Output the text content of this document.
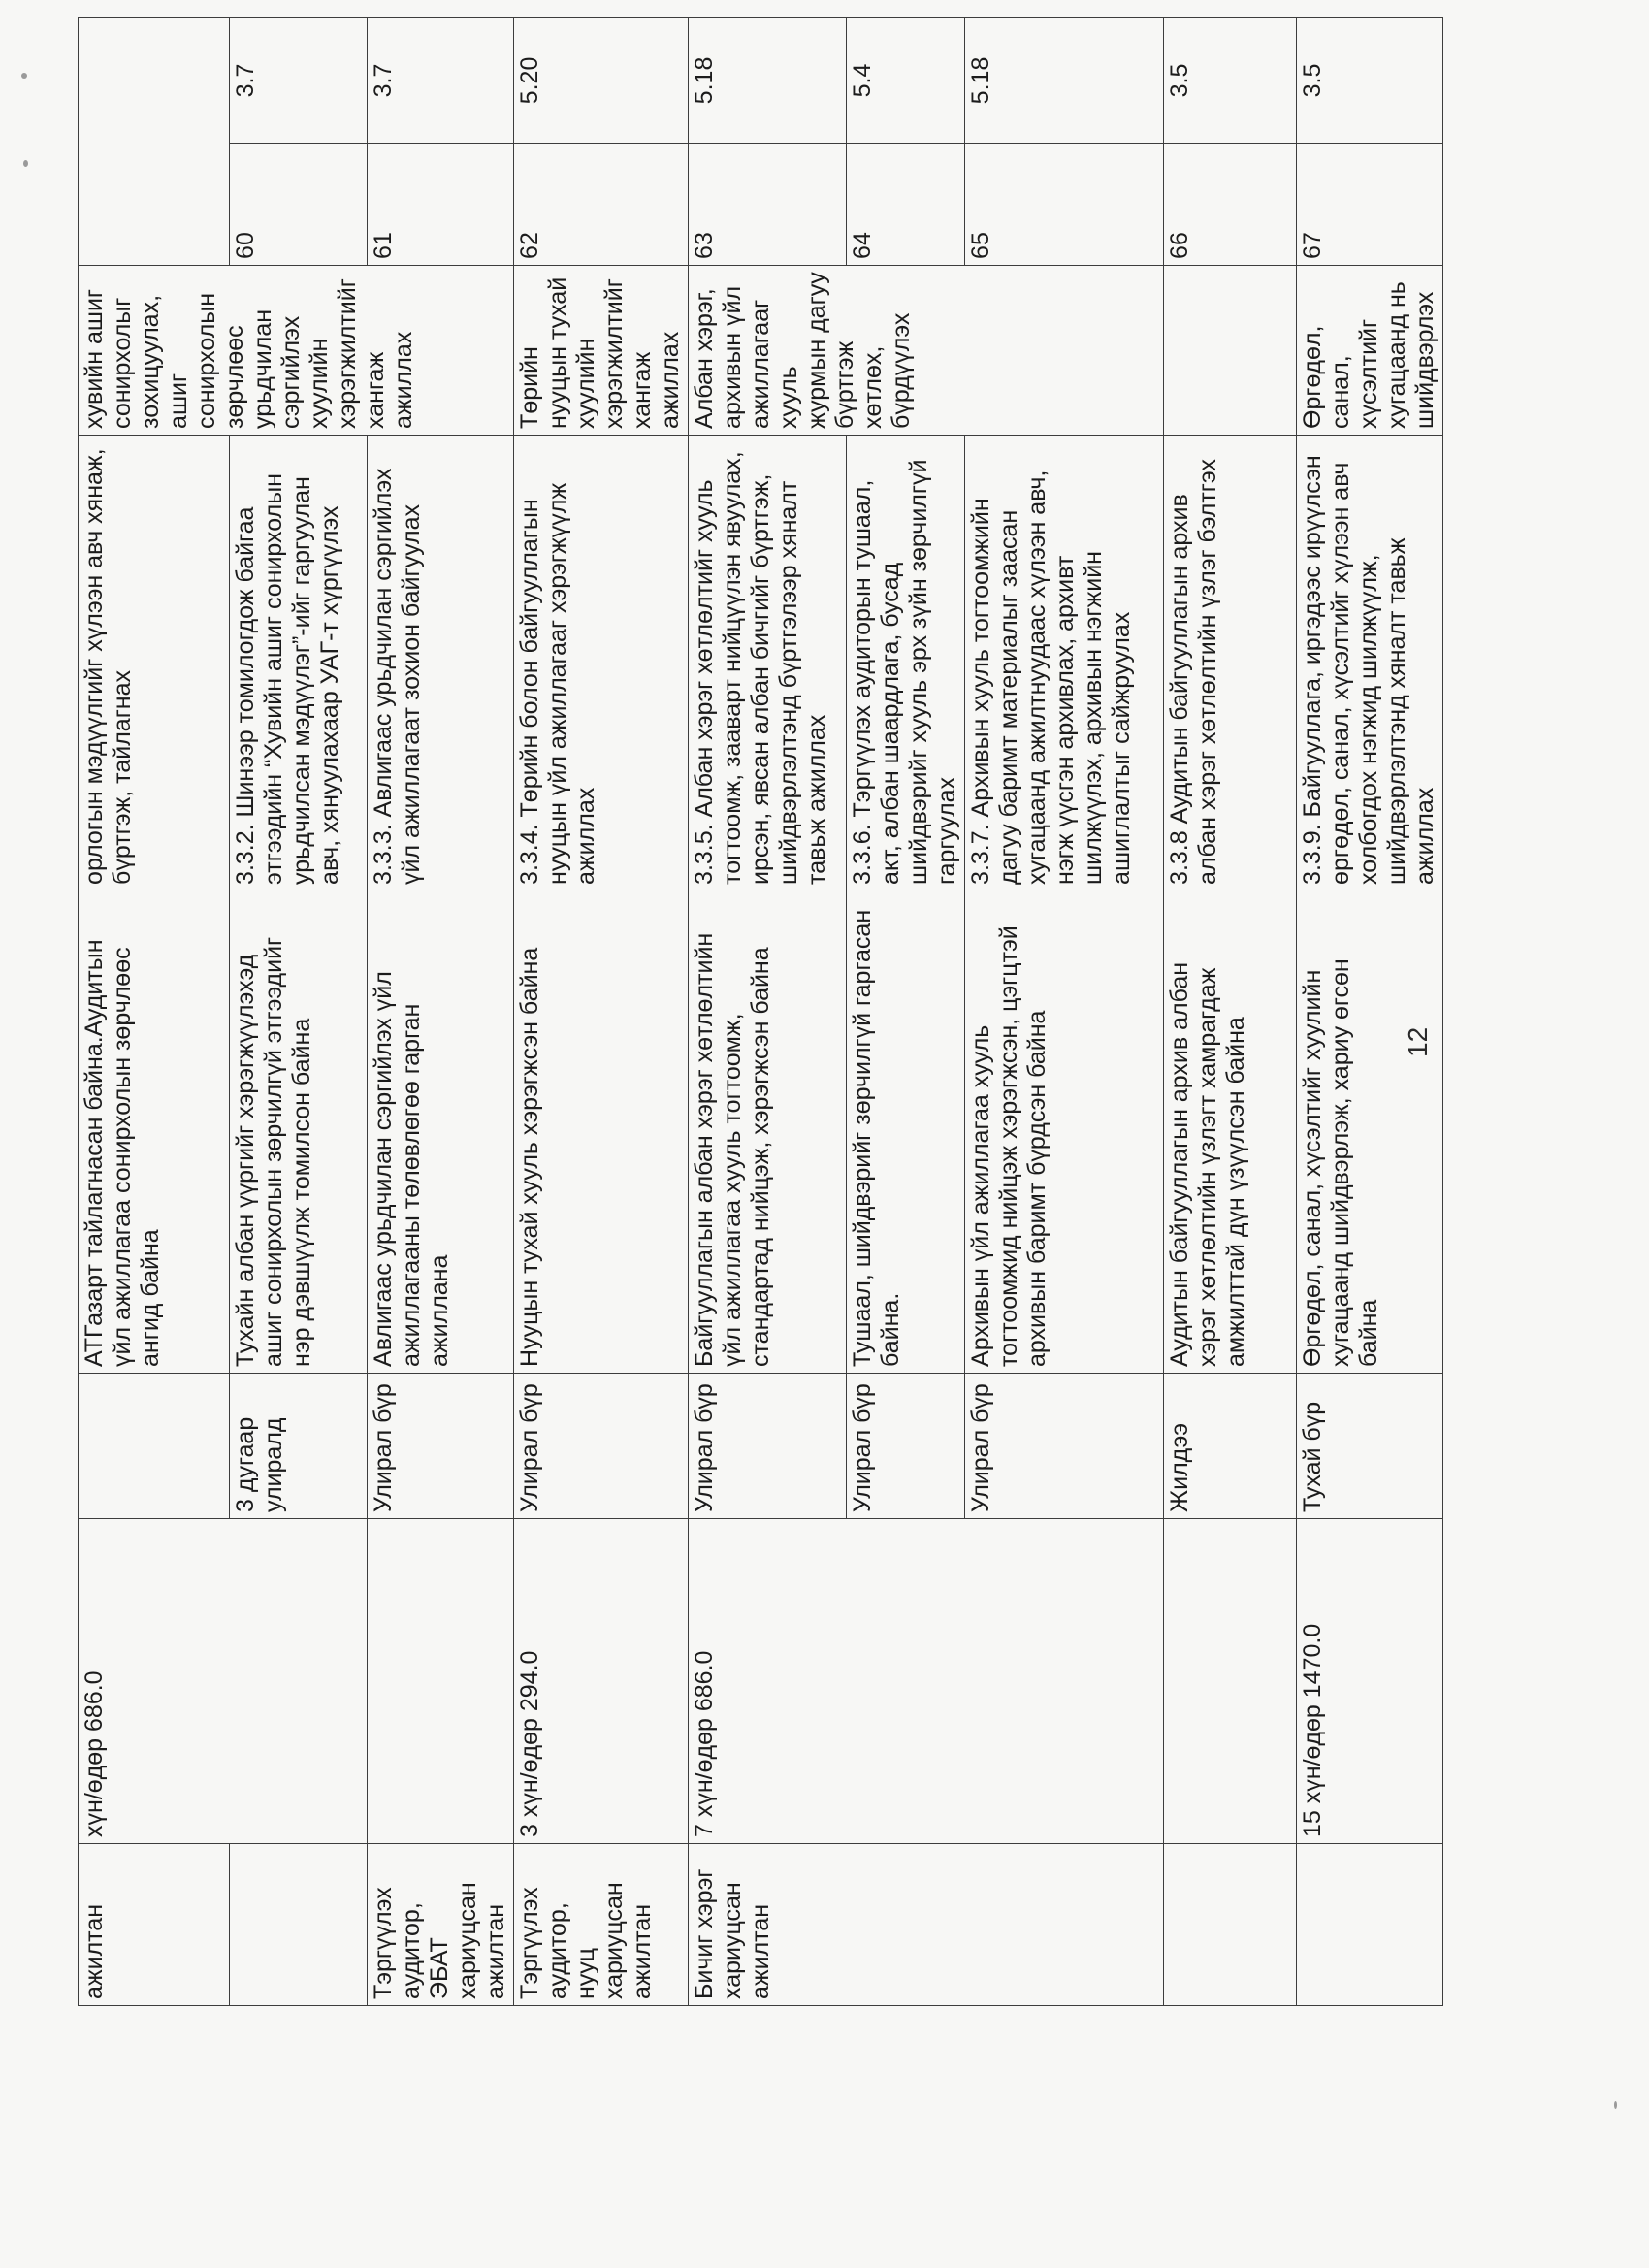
ажилтан	хүн/өдөр 686.0		АТГазарт тайлагнасан байна.Аудитын үйл ажиллагаа сонирхолын зөрчлөөс ангид байна	орлогын мэдүүлгийг хүлээн авч хянаж, бүртгэж, тайлагнах	хувийн ашиг сонирхолыг зохицуулах, ашиг сонирхолын зөрчлөөс урьдчилан сэргийлэх хуулийн хэрэгжилтийг хангаж ажиллах		
		3 дугаар улиралд	Тухайн албан үүргийг хэрэгжүүлэхэд ашиг сонирхолын зөрчилгүй этгээдийг нэр дэвшүүлж томилсон байна	3.3.2. Шинээр томилогдож байгаа этгээдийн “Хувийн ашиг сонирхолын урьдчилсан мэдүүлэг”-ийг гаргуулан авч, хянуулахаар УАГ-т хүргүүлэх		60	3.7
Тэргүүлэх аудитор, ЭБАТ хариуцсан ажилтан		Улирал бүр	Авлигаас урьдчилан сэргийлэх үйл ажиллагааны төлөвлөгөө гарган ажиллана	3.3.3. Авлигаас урьдчилан сэргийлэх үйл ажиллагаат зохион байгуулах		61	3.7
Тэргүүлэх аудитор, нууц хариуцсан ажилтан	3 хүн/өдөр 294.0	Улирал бүр	Нууцын тухай хууль хэрэгжсэн байна	3.3.4. Төрийн болон байгууллагын нууцын үйл ажиллагааг хэрэгжүүлж ажиллах	Төрийн нууцын тухай хуулийн хэрэгжилтийг хангаж ажиллах	62	5.20
Бичиг хэрэг хариуцсан ажилтан	7 хүн/өдөр 686.0	Улирал бүр	Байгууллагын албан хэрэг хөтлөлтийн үйл ажиллагаа хууль тогтоомж, стандартад нийцэж, хэрэгжсэн байна	3.3.5. Албан хэрэг хөтлөлтийг хууль тогтоомж, зааварт нийцүүлэн явуулах, ирсэн, явсан албан бичгийг бүртгэж, шийдвэрлэлтэнд бүртгэлээр хяналт тавьж ажиллах	Албан хэрэг, архивын үйл ажиллагааг хууль журмын дагуу бүртгэж хөтлөх, бүрдүүлэх	63	5.18
		Улирал бүр	Тушаал, шийдвэрийг зөрчилгүй гаргасан байна.	3.3.6. Тэргүүлэх аудиторын тушаал, акт, албан шаардлага, бусад шийдвэрийг хууль эрх зүйн зөрчилгүй гаргуулах		64	5.4
		Улирал бүр	Архивын үйл ажиллагаа хууль тогтоомжид нийцэж хэрэгжсэн, цэгцтэй архивын баримт бүрдсэн байна	3.3.7. Архивын хууль тогтоомжийн дагуу баримт материалыг заасан хугацаанд ажилтнуудаас хүлээн авч, нэгж үүсгэн архивлах, архивт шилжүүлэх, архивын нэгжийн ашиглалтыг сайжруулах		65	5.18
		Жилдээ	Аудитын байгууллагын архив албан хэрэг хөтлөлтийн үзлэгт хамрагдаж амжилттай дүн үзүүлсэн байна	3.3.8 Аудитын байгууллагын архив албан хэрэг хөтлөлтийн үзлэг бэлтгэх		66	3.5
	15 хүн/өдөр 1470.0	Тухай бүр	Өргөдөл, санал, хүсэлтийг хуулийн хугацаанд шийдвэрлэж, хариу өгсөн байна	3.3.9. Байгууллага, иргэдээс ирүүлсэн өргөдөл, санал, хүсэлтийг хүлээн авч холбогдох нэгжид шилжүүлж, шийдвэрлэлтэнд хяналт тавьж ажиллах	Өргөдөл, санал, хүсэлтийг хугацаанд нь шийдвэрлэх	67	3.5
12
